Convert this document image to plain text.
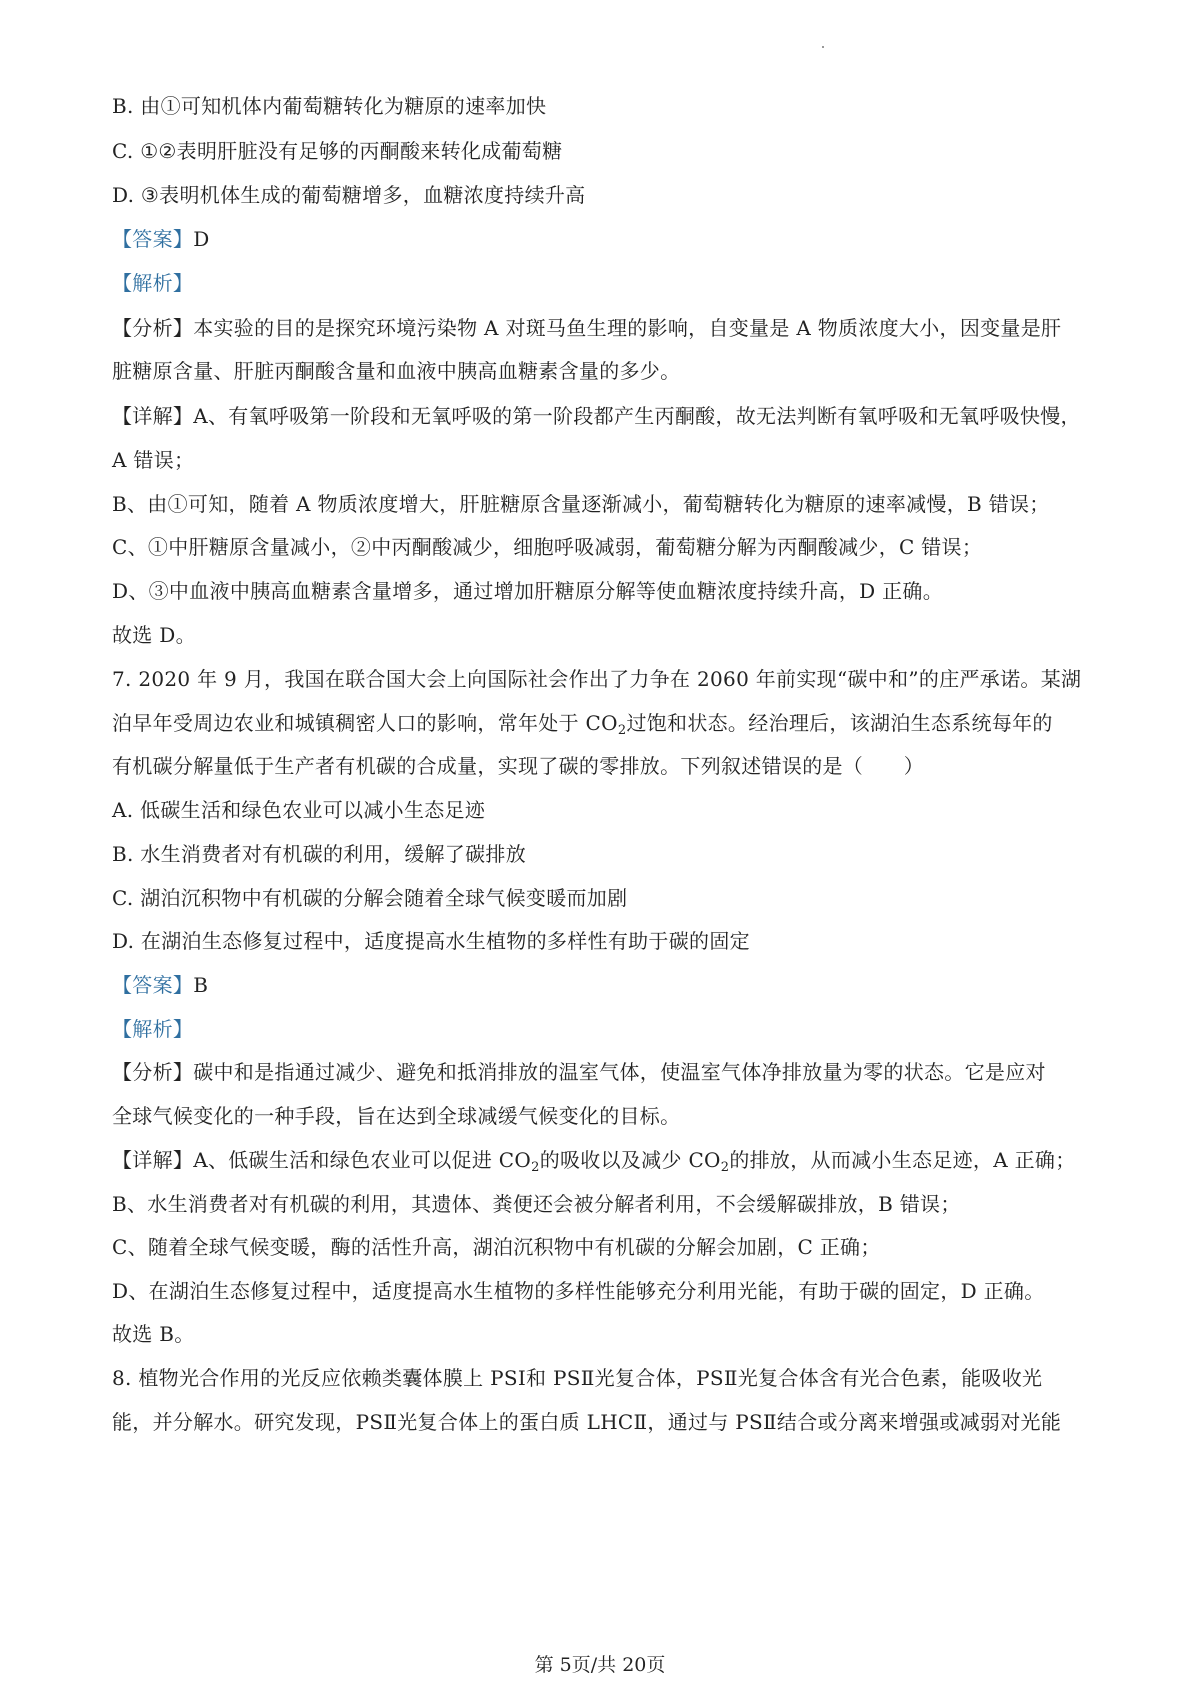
B. 由①可知机体内葡萄糖转化为糖原的速率加快
C. ①②表明肝脏没有足够的丙酮酸来转化成葡萄糖
D. ③表明机体生成的葡萄糖增多，血糖浓度持续升高
【答案】D
【解析】
【分析】本实验的目的是探究环境污染物 A 对斑马鱼生理的影响，自变量是 A 物质浓度大小，因变量是肝
脏糖原含量、肝脏丙酮酸含量和血液中胰高血糖素含量的多少。
【详解】A、有氧呼吸第一阶段和无氧呼吸的第一阶段都产生丙酮酸，故无法判断有氧呼吸和无氧呼吸快慢，
A 错误；
B、由①可知，随着 A 物质浓度增大，肝脏糖原含量逐渐减小，葡萄糖转化为糖原的速率减慢，B 错误；
C、①中肝糖原含量减小，②中丙酮酸减少，细胞呼吸减弱，葡萄糖分解为丙酮酸减少，C 错误；
D、③中血液中胰高血糖素含量增多，通过增加肝糖原分解等使血糖浓度持续升高，D 正确。
故选 D。
7. 2020 年 9 月，我国在联合国大会上向国际社会作出了力争在 2060 年前实现“碳中和”的庄严承诺。某湖
泊早年受周边农业和城镇稠密人口的影响，常年处于 $CO_2$过饱和状态。经治理后，该湖泊生态系统每年的
有机碳分解量低于生产者有机碳的合成量，实现了碳的零排放。下列叙述错误的是（　　）
A. 低碳生活和绿色农业可以减小生态足迹
B. 水生消费者对有机碳的利用，缓解了碳排放
C. 湖泊沉积物中有机碳的分解会随着全球气候变暖而加剧
D. 在湖泊生态修复过程中，适度提高水生植物的多样性有助于碳的固定
【答案】B
【解析】
【分析】碳中和是指通过减少、避免和抵消排放的温室气体，使温室气体净排放量为零的状态。它是应对
全球气候变化的一种手段，旨在达到全球减缓气候变化的目标。
【详解】A、低碳生活和绿色农业可以促进 $CO_2$的吸收以及减少 $CO_2$的排放，从而减小生态足迹，A 正确；
B、水生消费者对有机碳的利用，其遗体、粪便还会被分解者利用，不会缓解碳排放，B 错误；
C、随着全球气候变暖，酶的活性升高，湖泊沉积物中有机碳的分解会加剧，C 正确；
D、在湖泊生态修复过程中，适度提高水生植物的多样性能够充分利用光能，有助于碳的固定，D 正确。
故选 B。
8. 植物光合作用的光反应依赖类囊体膜上 PSⅠ和 PSⅡ光复合体，PSⅡ光复合体含有光合色素，能吸收光
能，并分解水。研究发现，PSⅡ光复合体上的蛋白质 LHCⅡ，通过与 PSⅡ结合或分离来增强或减弱对光能
第 5页/共 20页
